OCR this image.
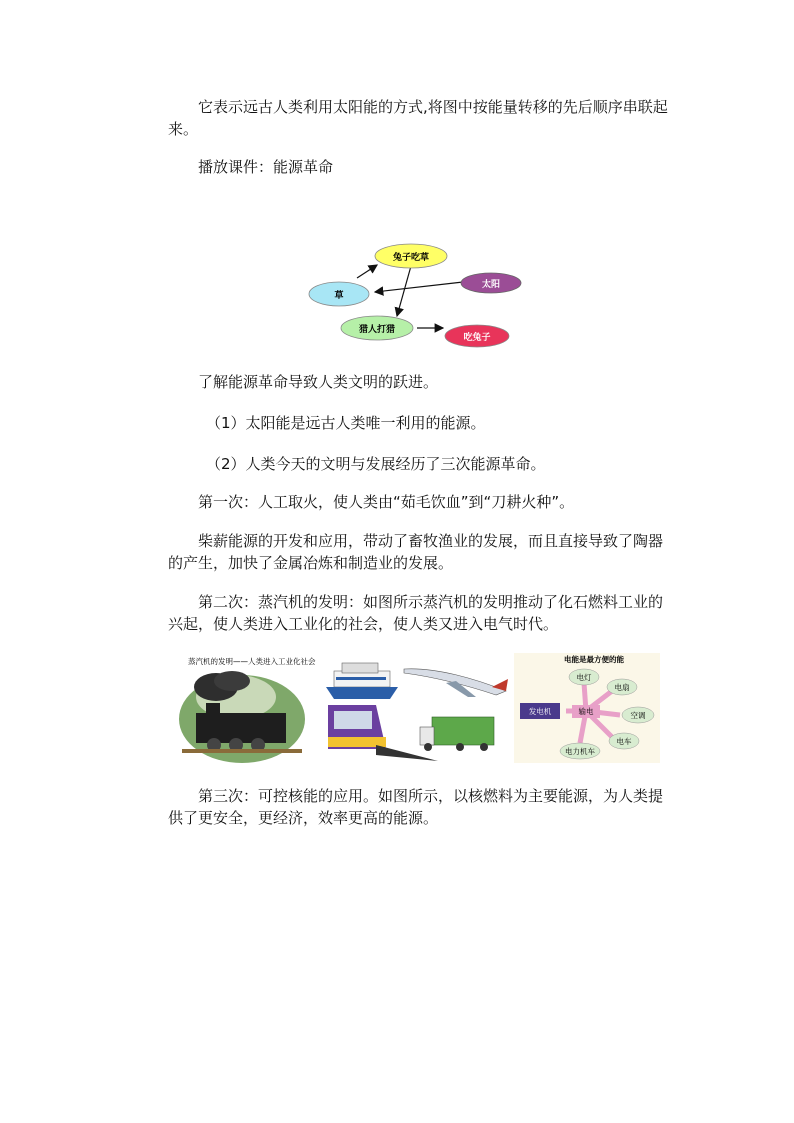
它表示远古人类利用太阳能的方式,将图中按能量转移的先后顺序串联起来。

播放课件：能源革命

兔子吃草
草
太阳
猎人打猎
吃兔子

了解能源革命导致人类文明的跃进。

（1）太阳能是远古人类唯一利用的能源。

（2）人类今天的文明与发展经历了三次能源革命。

第一次：人工取火，使人类由“茹毛饮血”到“刀耕火种”。

柴薪能源的开发和应用，带动了畜牧渔业的发展，而且直接导致了陶器的产生，加快了金属冶炼和制造业的发展。

第二次：蒸汽机的发明：如图所示蒸汽机的发明推动了化石燃料工业的兴起，使人类进入工业化的社会，使人类又进入电气时代。

蒸汽机的发明——人类进入工业化社会	电能是最方便的能
发电机	输电
电灯
电扇
空调
电车
电力机车

第三次：可控核能的应用。如图所示，以核燃料为主要能源，为人类提供了更安全，更经济，效率更高的能源。
